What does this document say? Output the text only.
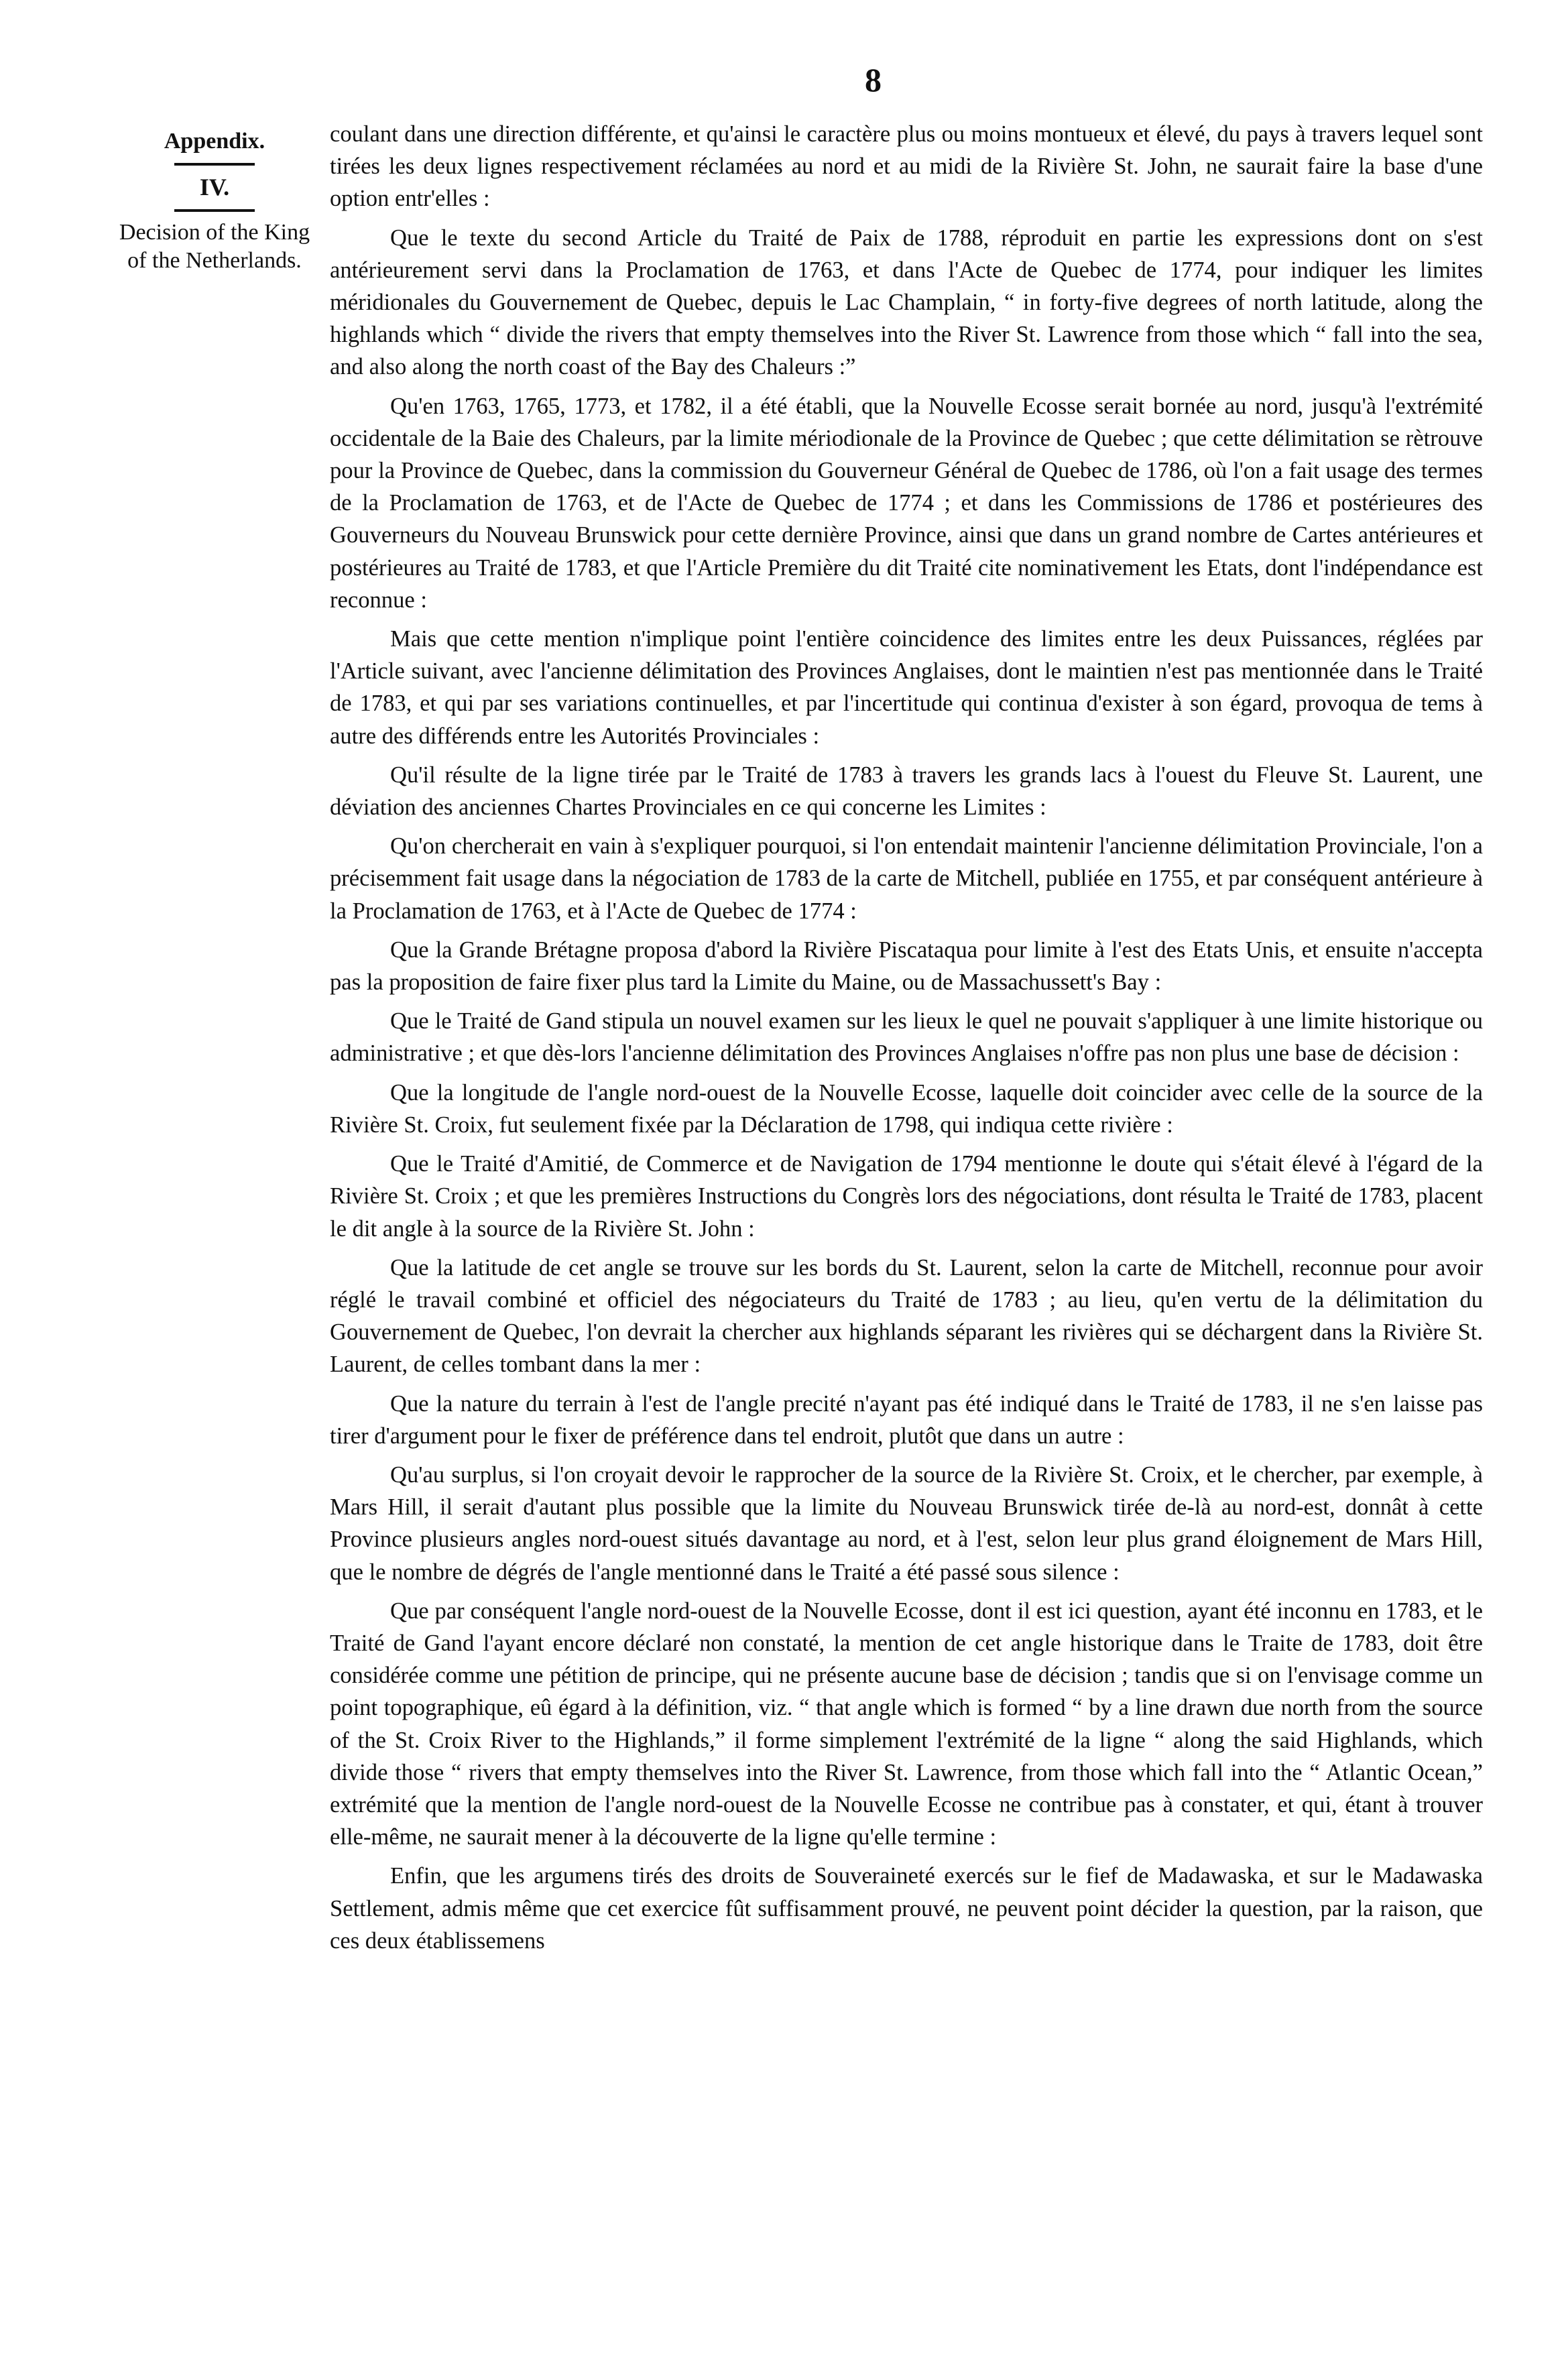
8
Appendix.
IV.
Decision of the King of the Netherlands.

coulant dans une direction différente, et qu'ainsi le caractère plus ou moins montueux et élevé, du pays à travers lequel sont tirées les deux lignes respectivement réclamées au nord et au midi de la Rivière St. John, ne saurait faire la base d'une option entr'elles :

Que le texte du second Article du Traité de Paix de 1788, réproduit en partie les expressions dont on s'est antérieurement servi dans la Proclamation de 1763, et dans l'Acte de Quebec de 1774, pour indiquer les limites méridionales du Gouvernement de Quebec, depuis le Lac Champlain, “ in forty-five degrees of north latitude, along the highlands which “ divide the rivers that empty themselves into the River St. Lawrence from those which “ fall into the sea, and also along the north coast of the Bay des Chaleurs :”

Qu'en 1763, 1765, 1773, et 1782, il a été établi, que la Nouvelle Ecosse serait bornée au nord, jusqu'à l'extrémité occidentale de la Baie des Chaleurs, par la limite mériodionale de la Province de Quebec ; que cette délimitation se rètrouve pour la Province de Quebec, dans la commission du Gouverneur Général de Quebec de 1786, où l'on a fait usage des termes de la Proclamation de 1763, et de l'Acte de Quebec de 1774 ; et dans les Commissions de 1786 et postérieures des Gouverneurs du Nouveau Brunswick pour cette dernière Province, ainsi que dans un grand nombre de Cartes antérieures et postérieures au Traité de 1783, et que l'Article Première du dit Traité cite nominativement les Etats, dont l'indépendance est reconnue :

Mais que cette mention n'implique point l'entière coincidence des limites entre les deux Puissances, réglées par l'Article suivant, avec l'ancienne délimitation des Provinces Anglaises, dont le maintien n'est pas mentionnée dans le Traité de 1783, et qui par ses variations continuelles, et par l'incertitude qui continua d'exister à son égard, provoqua de tems à autre des différends entre les Autorités Provinciales :

Qu'il résulte de la ligne tirée par le Traité de 1783 à travers les grands lacs à l'ouest du Fleuve St. Laurent, une déviation des anciennes Chartes Provinciales en ce qui concerne les Limites :

Qu'on chercherait en vain à s'expliquer pourquoi, si l'on entendait maintenir l'ancienne délimitation Provinciale, l'on a précisemment fait usage dans la négociation de 1783 de la carte de Mitchell, publiée en 1755, et par conséquent antérieure à la Proclamation de 1763, et à l'Acte de Quebec de 1774 :

Que la Grande Brétagne proposa d'abord la Rivière Piscataqua pour limite à l'est des Etats Unis, et ensuite n'accepta pas la proposition de faire fixer plus tard la Limite du Maine, ou de Massachussett's Bay :

Que le Traité de Gand stipula un nouvel examen sur les lieux le quel ne pouvait s'appliquer à une limite historique ou administrative ; et que dès-lors l'ancienne délimitation des Provinces Anglaises n'offre pas non plus une base de décision :

Que la longitude de l'angle nord-ouest de la Nouvelle Ecosse, laquelle doit coincider avec celle de la source de la Rivière St. Croix, fut seulement fixée par la Déclaration de 1798, qui indiqua cette rivière :

Que le Traité d'Amitié, de Commerce et de Navigation de 1794 mentionne le doute qui s'était élevé à l'égard de la Rivière St. Croix ; et que les premières Instructions du Congrès lors des négociations, dont résulta le Traité de 1783, placent le dit angle à la source de la Rivière St. John :

Que la latitude de cet angle se trouve sur les bords du St. Laurent, selon la carte de Mitchell, reconnue pour avoir réglé le travail combiné et officiel des négociateurs du Traité de 1783 ; au lieu, qu'en vertu de la délimitation du Gouvernement de Quebec, l'on devrait la chercher aux highlands séparant les rivières qui se déchargent dans la Rivière St. Laurent, de celles tombant dans la mer :

Que la nature du terrain à l'est de l'angle precité n'ayant pas été indiqué dans le Traité de 1783, il ne s'en laisse pas tirer d'argument pour le fixer de préférence dans tel endroit, plutôt que dans un autre :

Qu'au surplus, si l'on croyait devoir le rapprocher de la source de la Rivière St. Croix, et le chercher, par exemple, à Mars Hill, il serait d'autant plus possible que la limite du Nouveau Brunswick tirée de-là au nord-est, donnât à cette Province plusieurs angles nord-ouest situés davantage au nord, et à l'est, selon leur plus grand éloignement de Mars Hill, que le nombre de dégrés de l'angle mentionné dans le Traité a été passé sous silence :

Que par conséquent l'angle nord-ouest de la Nouvelle Ecosse, dont il est ici question, ayant été inconnu en 1783, et le Traité de Gand l'ayant encore déclaré non constaté, la mention de cet angle historique dans le Traite de 1783, doit être considérée comme une pétition de principe, qui ne présente aucune base de décision ; tandis que si on l'envisage comme un point topographique, eû égard à la définition, viz. “ that angle which is formed “ by a line drawn due north from the source of the St. Croix River to the Highlands,” il forme simplement l'extrémité de la ligne “ along the said Highlands, which divide those “ rivers that empty themselves into the River St. Lawrence, from those which fall into the “ Atlantic Ocean,” extrémité que la mention de l'angle nord-ouest de la Nouvelle Ecosse ne contribue pas à constater, et qui, étant à trouver elle-même, ne saurait mener à la découverte de la ligne qu'elle termine :

Enfin, que les argumens tirés des droits de Souveraineté exercés sur le fief de Madawaska, et sur le Madawaska Settlement, admis même que cet exercice fût suffisamment prouvé, ne peuvent point décider la question, par la raison, que ces deux établissemens
